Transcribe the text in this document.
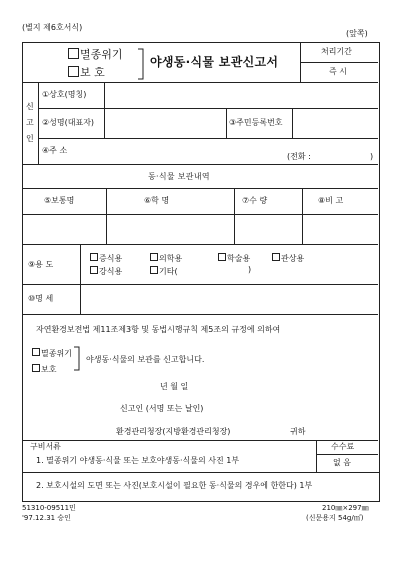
(별지 제6호서식)
(앞쪽)
멸종위기
보 호
야생동·식물 보관신고서
처리기간
즉 시
신
고
인
①상호(명칭)
②성명(대표자)	③주민등록번호
④주 소
(전화 :	)
동·식물 보관내역
⑤보통명	⑥학 명	⑦수 량	⑧비 고
⑨용 도
증식용	의학용	학술용	관상용
강식용	기타(	)
⑩명 세
자연환경보전법 제11조제3항 및 동법시행규칙 제5조의 규정에 의하여
멸종위기
보호
야생동·식물의 보관를 신고합니다.
년 월 일
신고인 (서명 또는 날인)
환경관리청장(지방환경관리청장)	귀하
구비서류
1. 멸종위기 야생동·식물 또는 보호야생동·식물의 사진 1부
수수료
없 음
2. 보호시설의 도면 또는 사진(보호시설이 필요한 동·식물의 경우에 한한다) 1부
51310-09511민
'97.12.31 승인
210㎜×297㎜
(신문용지 54g/㎡)
